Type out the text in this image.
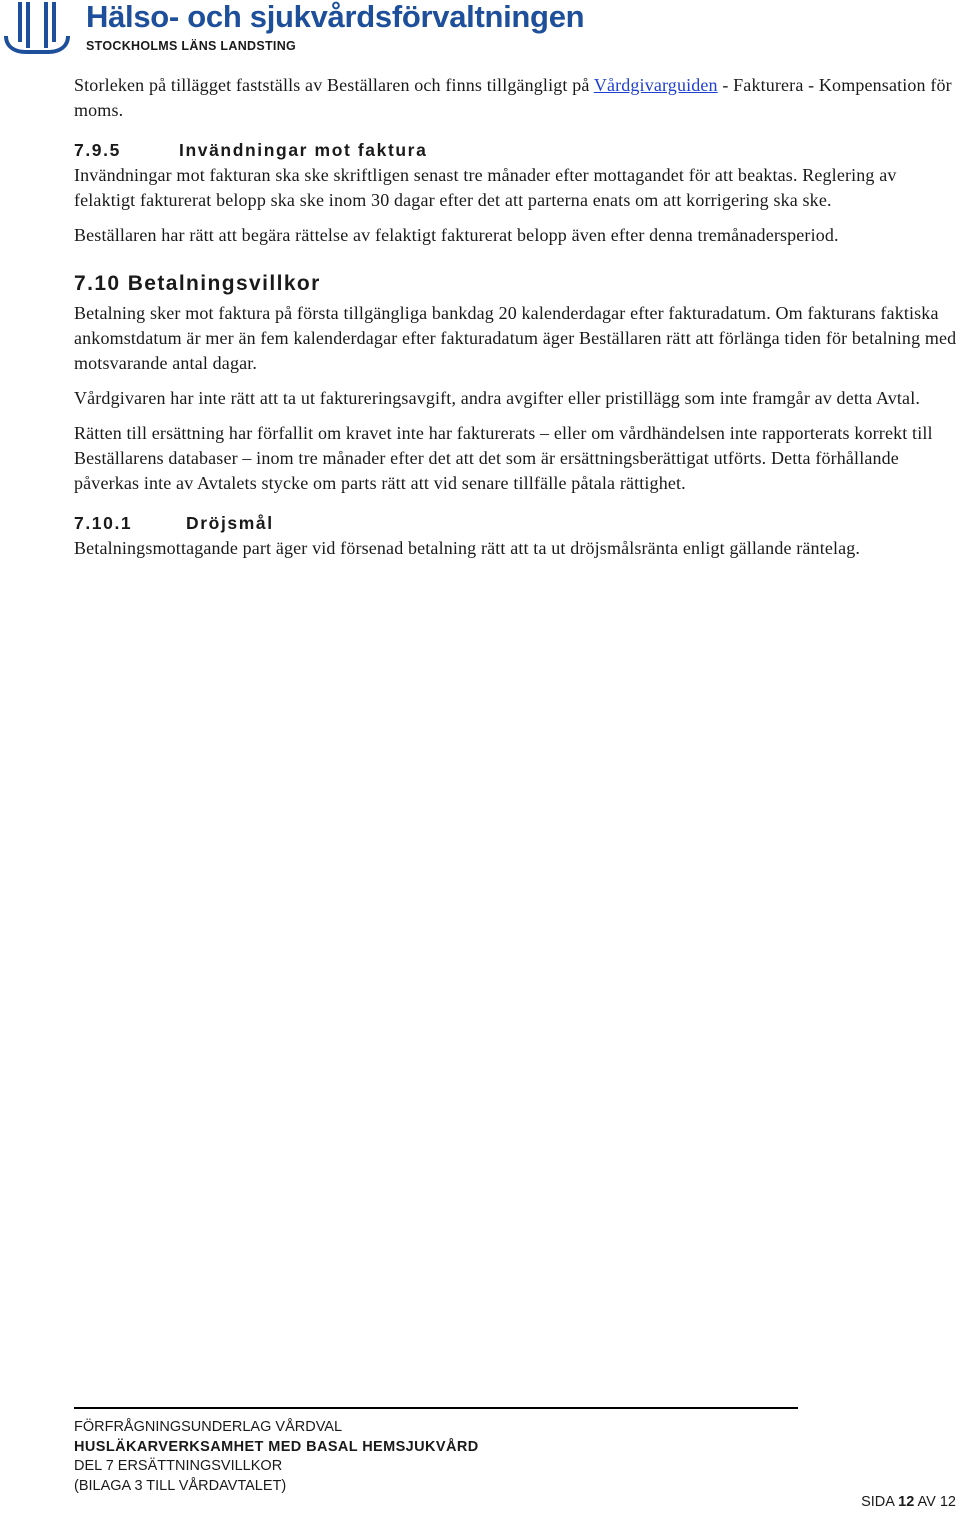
Hälso- och sjukvårdsförvaltningen
STOCKHOLMS LÄNS LANDSTING

Storleken på tillägget fastställs av Beställaren och finns tillgängligt på Vårdgivarguiden - Fakturera - Kompensation för moms.

7.9.5	Invändningar mot faktura

Invändningar mot fakturan ska ske skriftligen senast tre månader efter mottagandet för att beaktas. Reglering av felaktigt fakturerat belopp ska ske inom 30 dagar efter det att parterna enats om att korrigering ska ske.

Beställaren har rätt att begära rättelse av felaktigt fakturerat belopp även efter denna tremånadersperiod.

7.10 Betalningsvillkor

Betalning sker mot faktura på första tillgängliga bankdag 20 kalenderdagar efter fakturadatum. Om fakturans faktiska ankomstdatum är mer än fem kalenderdagar efter fakturadatum äger Beställaren rätt att förlänga tiden för betalning med motsvarande antal dagar.

Vårdgivaren har inte rätt att ta ut faktureringsavgift, andra avgifter eller pristillägg som inte framgår av detta Avtal.

Rätten till ersättning har förfallit om kravet inte har fakturerats – eller om vårdhändelsen inte rapporterats korrekt till Beställarens databaser – inom tre månader efter det att det som är ersättningsberättigat utförts. Detta förhållande påverkas inte av Avtalets stycke om parts rätt att vid senare tillfälle påtala rättighet.

7.10.1	Dröjsmål

Betalningsmottagande part äger vid försenad betalning rätt att ta ut dröjsmålsränta enligt gällande räntelag.

FÖRFRÅGNINGSUNDERLAG VÅRDVAL
HUSLÄKARVERKSAMHET MED BASAL HEMSJUKVÅRD
DEL 7 ERSÄTTNINGSVILLKOR
(BILAGA 3 TILL VÅRDAVTALET)
SIDA 12 AV 12
